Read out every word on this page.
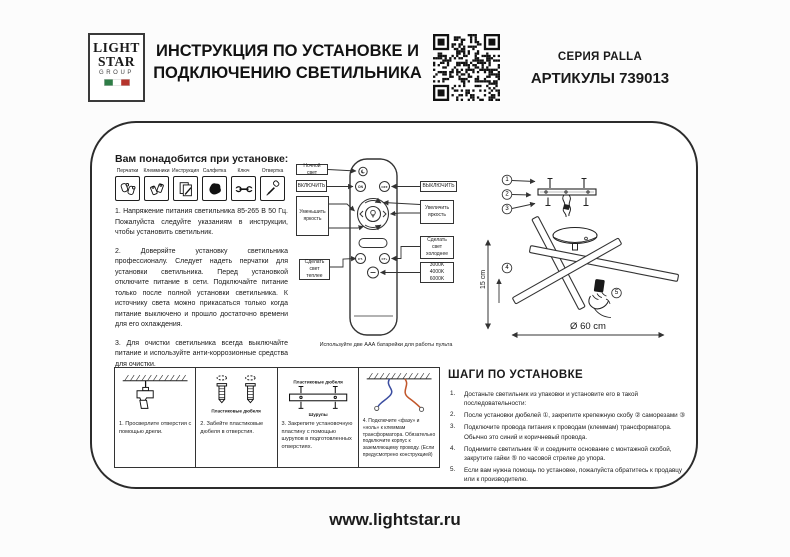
LIGHT
STAR
GROUP
ИНСТРУКЦИЯ ПО УСТАНОВКЕ И
ПОДКЛЮЧЕНИЮ СВЕТИЛЬНИКА
СЕРИЯ PALLA
АРТИКУЛЫ 739013
Вам понадобится при установке:
Перчатки	Клеммники Инструкция Салфетка	Ключ	Отвертка

1. Напряжение питания светильника 85-265 В 50 Гц. Пожалуйста следуйте указаниям в инструкции, чтобы установить светильник.

2. Доверяйте установку светильника профессионалу. Следует надеть перчатки для установки светильника. Перед установкой отключите питание в сети. Подключайте питание только после полной установки светильника. К источнику света можно прикасаться только когда питание выключено и прошло достаточно времени для его охлаждения.

3. Для очистки светильника всегда выключайте питание и используйте анти-коррозионные средства для очистки.

ON	OFF
CT-	CT+
Ночной свет
ВКЛЮЧИТЬ
Уменьшить яркость
Сделать свет теплее
ВЫКЛЮЧИТЬ
Увеличить яркость
Сделать свет холоднее
3000K 4000K 6000K
Используйте две ААА батарейки для работы пульта
15 cm
Ø 60 cm
1
2
3
4
5
1. Просверлите отверстия с помощью дрели.
Пластиковые дюбеля
2. Забейте пластиковые дюбеля в отверстия.
Пластиковые дюбеля
Шурупы
3. Закрепите установочную пластину с помощью шурупов в подготовленных отверстиях.
4. Подключите «фазу» и «ноль» к клеммам трансформатора. Обязательно подключите корпус к заземляющему проводу. (Если предусмотрено конструкцией)
ШАГИ ПО УСТАНОВКЕ
1.	Достаньте светильник из упаковки и установите его в такой последовательности:
2.	После установки дюбелей ①, закрепите крепежную скобу ② саморезами ③
3.	Подключите провода питания к проводам (клеммам) трансформатора. Обычно это синий и коричневый провода.
4.	Поднимите светильник ④ и соедините основание с монтажной скобой, закрутите гайки ⑤ по часовой стрелке до упора.
5.	Если вам нужна помощь по установке, пожалуйста обратитесь к продавцу или к производителю.
www.lightstar.ru
